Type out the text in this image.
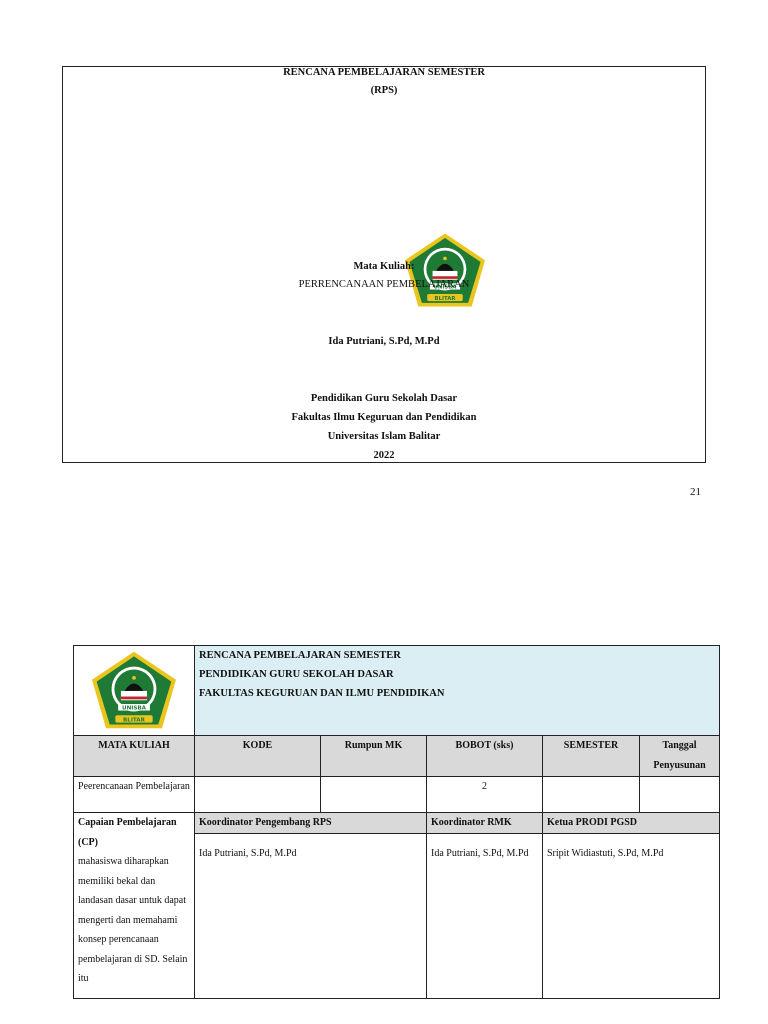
RENCANA PEMBELAJARAN SEMESTER
(RPS)
Mata Kuliah:
PERRENCANAAN PEMBELAJARAN
Ida Putriani, S.Pd, M.Pd
Pendidikan Guru Sekolah Dasar
Fakultas Ilmu Keguruan dan Pendidikan
Universitas Islam Balitar
2022
21

RENCANA PEMBELAJARAN SEMESTER
PENDIDIKAN GURU SEKOLAH DASAR
FAKULTAS KEGURUAN DAN ILMU PENDIDIKAN				

MATA KULIAH	KODE	Rumpun MK	BOBOT (sks)	SEMESTER	Tanggal Penyusunan
Peerencanaan Pembelajaran			2		

Capaian Pembelajaran (CP)
mahasiswa diharapkan memiliki bekal dan landasan dasar untuk dapat mengerti dan memahami konsep perencanaan pembelajaran di SD. Selain itu	Koordinator Pengembang RPS		Koordinator RMK	Ketua PRODI PGSD	
	Ida Putriani, S.Pd, M.Pd		Ida Putriani, S.Pd, M.Pd	Sripit Widiastuti, S.Pd, M.Pd	
